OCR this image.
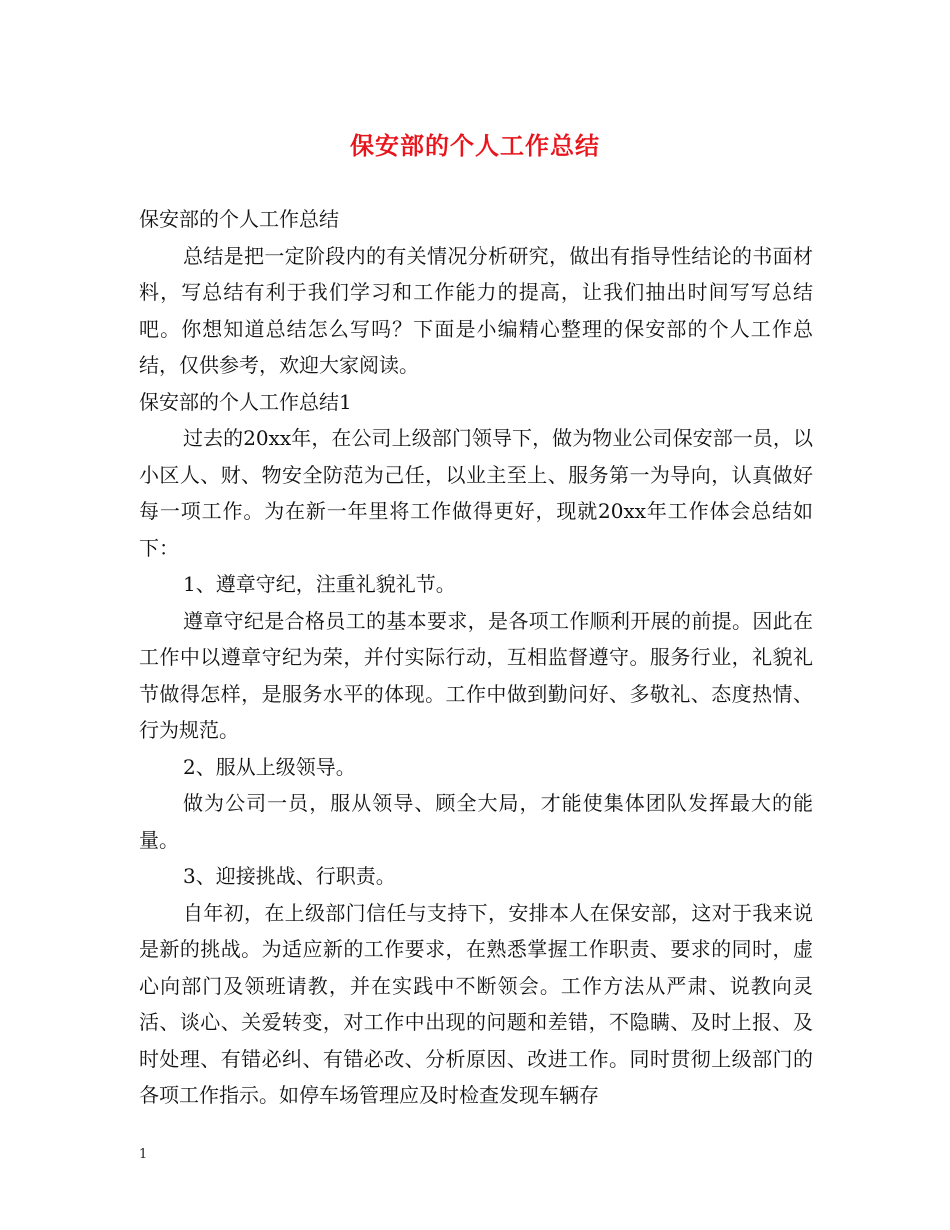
保安部的个人工作总结

保安部的个人工作总结

总结是把一定阶段内的有关情况分析研究，做出有指导性结论的书面材料，写总结有利于我们学习和工作能力的提高，让我们抽出时间写写总结吧。你想知道总结怎么写吗？下面是小编精心整理的保安部的个人工作总结，仅供参考，欢迎大家阅读。

保安部的个人工作总结1

过去的20xx年，在公司上级部门领导下，做为物业公司保安部一员，以小区人、财、物安全防范为己任，以业主至上、服务第一为导向，认真做好每一项工作。为在新一年里将工作做得更好，现就20xx年工作体会总结如下：

1、遵章守纪，注重礼貌礼节。

遵章守纪是合格员工的基本要求，是各项工作顺利开展的前提。因此在工作中以遵章守纪为荣，并付实际行动，互相监督遵守。服务行业，礼貌礼节做得怎样，是服务水平的体现。工作中做到勤问好、多敬礼、态度热情、行为规范。

2、服从上级领导。

做为公司一员，服从领导、顾全大局，才能使集体团队发挥最大的能量。

3、迎接挑战、行职责。

自年初，在上级部门信任与支持下，安排本人在保安部，这对于我来说是新的挑战。为适应新的工作要求，在熟悉掌握工作职责、要求的同时，虚心向部门及领班请教，并在实践中不断领会。工作方法从严肃、说教向灵活、谈心、关爱转变，对工作中出现的问题和差错，不隐瞒、及时上报、及时处理、有错必纠、有错必改、分析原因、改进工作。同时贯彻上级部门的各项工作指示。如停车场管理应及时检查发现车辆存

1
